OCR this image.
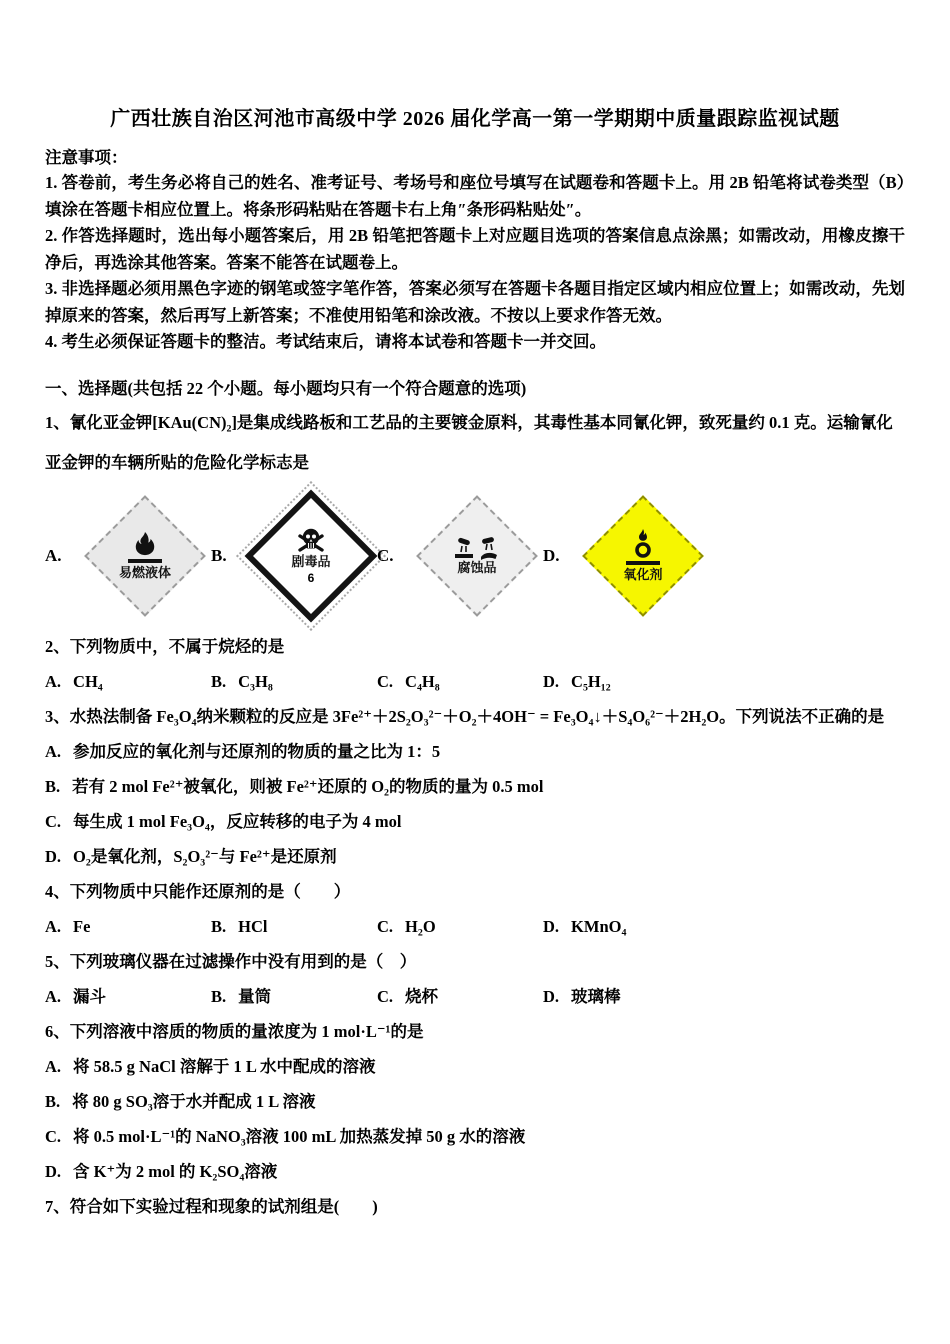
广西壮族自治区河池市高级中学 2026 届化学高一第一学期期中质量跟踪监视试题
注意事项：

1. 答卷前，考生务必将自己的姓名、准考证号、考场号和座位号填写在试题卷和答题卡上。用 2B 铅笔将试卷类型（B）填涂在答题卡相应位置上。将条形码粘贴在答题卡右上角″条形码粘贴处″。

2. 作答选择题时，选出每小题答案后，用 2B 铅笔把答题卡上对应题目选项的答案信息点涂黑；如需改动，用橡皮擦干净后，再选涂其他答案。答案不能答在试题卷上。

3. 非选择题必须用黑色字迹的钢笔或签字笔作答，答案必须写在答题卡各题目指定区域内相应位置上；如需改动，先划掉原来的答案，然后再写上新答案；不准使用铅笔和涂改液。不按以上要求作答无效。

4. 考生必须保证答题卡的整洁。考试结束后，请将本试卷和答题卡一并交回。

一、选择题(共包括 22 个小题。每小题均只有一个符合题意的选项)
1、氰化亚金钾[KAu(CN)₂]是集成线路板和工艺品的主要镀金原料，其毒性基本同氰化钾，致死量约 0.1 克。运输氰化亚金钾的车辆所贴的危险化学标志是
A.
易燃液体
B.	剧毒品
6
C.
腐蚀品
D.
氧化剂
2、下列物质中，不属于烷烃的是
A. CH₄	B. C₃H₈	C. C₄H₈	D. C₅H₁₂
3、水热法制备 Fe₃O₄纳米颗粒的反应是 3Fe²⁺＋2S₂O₃²⁻＋O₂＋4OH⁻ = Fe₃O₄↓＋S₄O₆²⁻＋2H₂O。下列说法不正确的是
A. 参加反应的氧化剂与还原剂的物质的量之比为 1：5
B. 若有 2 mol Fe²⁺被氧化，则被 Fe²⁺还原的 O₂的物质的量为 0.5 mol
C. 每生成 1 mol Fe₃O₄，反应转移的电子为 4 mol
D. O₂是氧化剂，S₂O₃²⁻与 Fe²⁺是还原剂
4、下列物质中只能作还原剂的是（　　）
A. Fe	B. HCl	C. H₂O	D. KMnO₄
5、下列玻璃仪器在过滤操作中没有用到的是（　）
A. 漏斗	B. 量筒	C. 烧杯	D. 玻璃棒
6、下列溶液中溶质的物质的量浓度为 1 mol·L⁻¹的是
A. 将 58.5 g NaCl 溶解于 1 L 水中配成的溶液
B. 将 80 g SO₃溶于水并配成 1 L 溶液
C. 将 0.5 mol·L⁻¹的 NaNO₃溶液 100 mL 加热蒸发掉 50 g 水的溶液
D. 含 K⁺为 2 mol 的 K₂SO₄溶液
7、符合如下实验过程和现象的试剂组是(　　)
